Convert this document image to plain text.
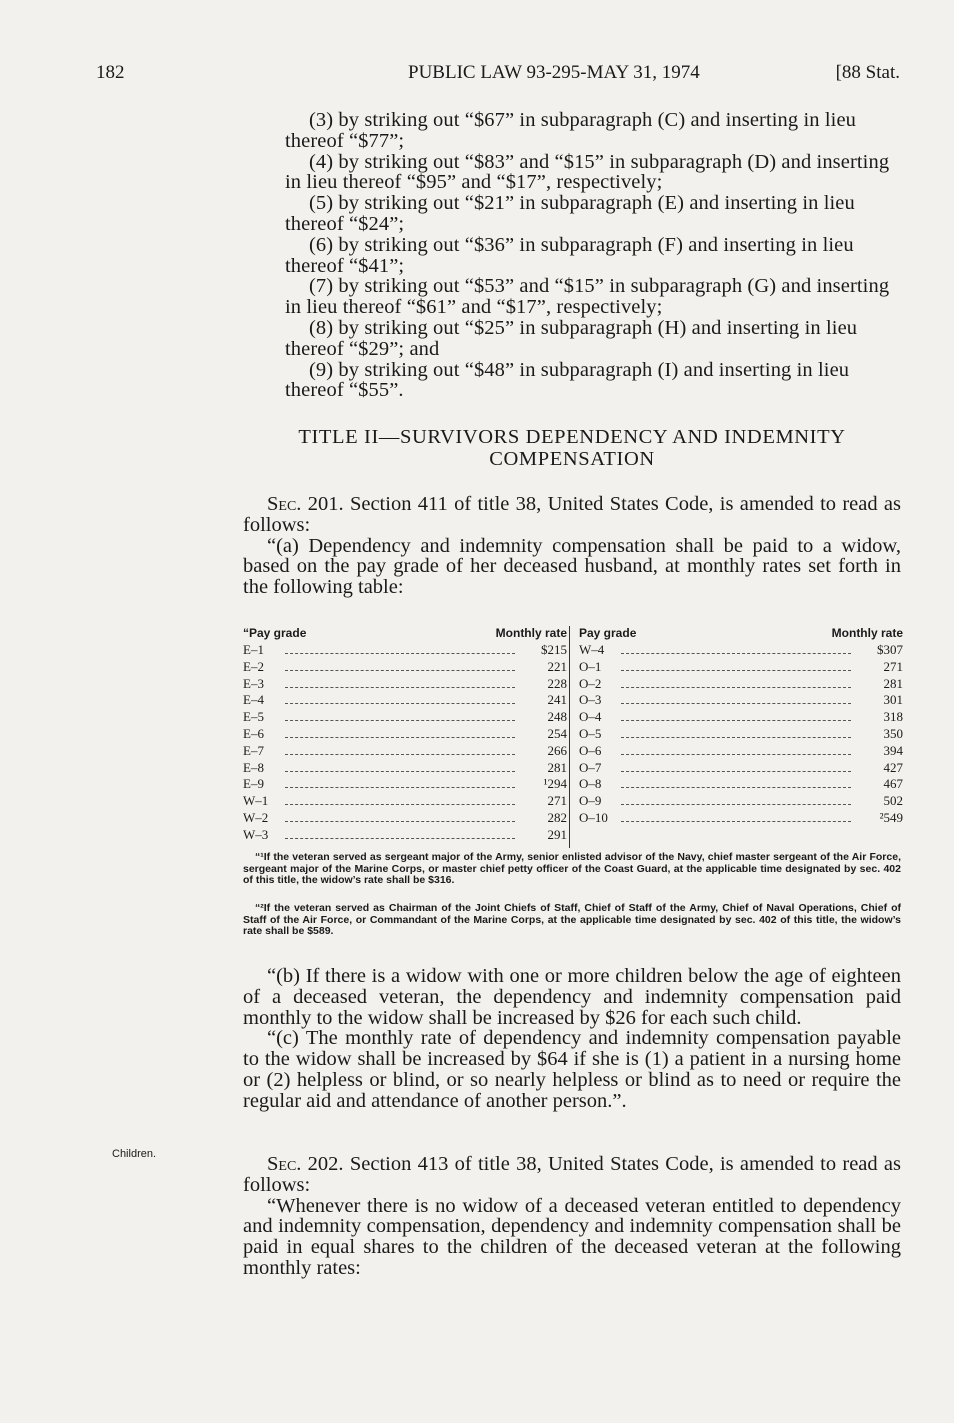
182	PUBLIC LAW 93-295-MAY 31, 1974	[88 Stat.

(3) by striking out “$67” in subparagraph (C) and inserting in lieu thereof “$77”;

(4) by striking out “$83” and “$15” in subparagraph (D) and inserting in lieu thereof “$95” and “$17”, respectively;

(5) by striking out “$21” in subparagraph (E) and inserting in lieu thereof “$24”;

(6) by striking out “$36” in subparagraph (F) and inserting in lieu thereof “$41”;

(7) by striking out “$53” and “$15” in subparagraph (G) and inserting in lieu thereof “$61” and “$17”, respectively;

(8) by striking out “$25” in subparagraph (H) and inserting in lieu thereof “$29”; and

(9) by striking out “$48” in subparagraph (I) and inserting in lieu thereof “$55”.

TITLE II—SURVIVORS DEPENDENCY AND INDEMNITY COMPENSATION

Sec. 201. Section 411 of title 38, United States Code, is amended to read as follows:

“(a) Dependency and indemnity compensation shall be paid to a widow, based on the pay grade of her deceased husband, at monthly rates set forth in the following table:

“Pay grade	Monthly rate
E–1	$215
E–2	221
E–3	228
E–4	241
E–5	248
E–6	254
E–7	266
E–8	281
E–9	¹294
W–1	271
W–2	282
W–3	291
Pay grade	Monthly rate
W–4	$307
O–1	271
O–2	281
O–3	301
O–4	318
O–5	350
O–6	394
O–7	427
O–8	467
O–9	502
O–10	²549

“¹If the veteran served as sergeant major of the Army, senior enlisted advisor of the Navy, chief master sergeant of the Air Force, sergeant major of the Marine Corps, or master chief petty officer of the Coast Guard, at the applicable time designated by sec. 402 of this title, the widow’s rate shall be $316.

“²If the veteran served as Chairman of the Joint Chiefs of Staff, Chief of Staff of the Army, Chief of Naval Operations, Chief of Staff of the Air Force, or Commandant of the Marine Corps, at the applicable time designated by sec. 402 of this title, the widow’s rate shall be $589.

“(b) If there is a widow with one or more children below the age of eighteen of a deceased veteran, the dependency and indemnity compensation paid monthly to the widow shall be increased by $26 for each such child.

“(c) The monthly rate of dependency and indemnity compensation payable to the widow shall be increased by $64 if she is (1) a patient in a nursing home or (2) helpless or blind, or so nearly helpless or blind as to need or require the regular aid and attendance of another person.”.

Sec. 202. Section 413 of title 38, United States Code, is amended to read as follows:

“Whenever there is no widow of a deceased veteran entitled to dependency and indemnity compensation, dependency and indemnity compensation shall be paid in equal shares to the children of the deceased veteran at the following monthly rates:

Children.
